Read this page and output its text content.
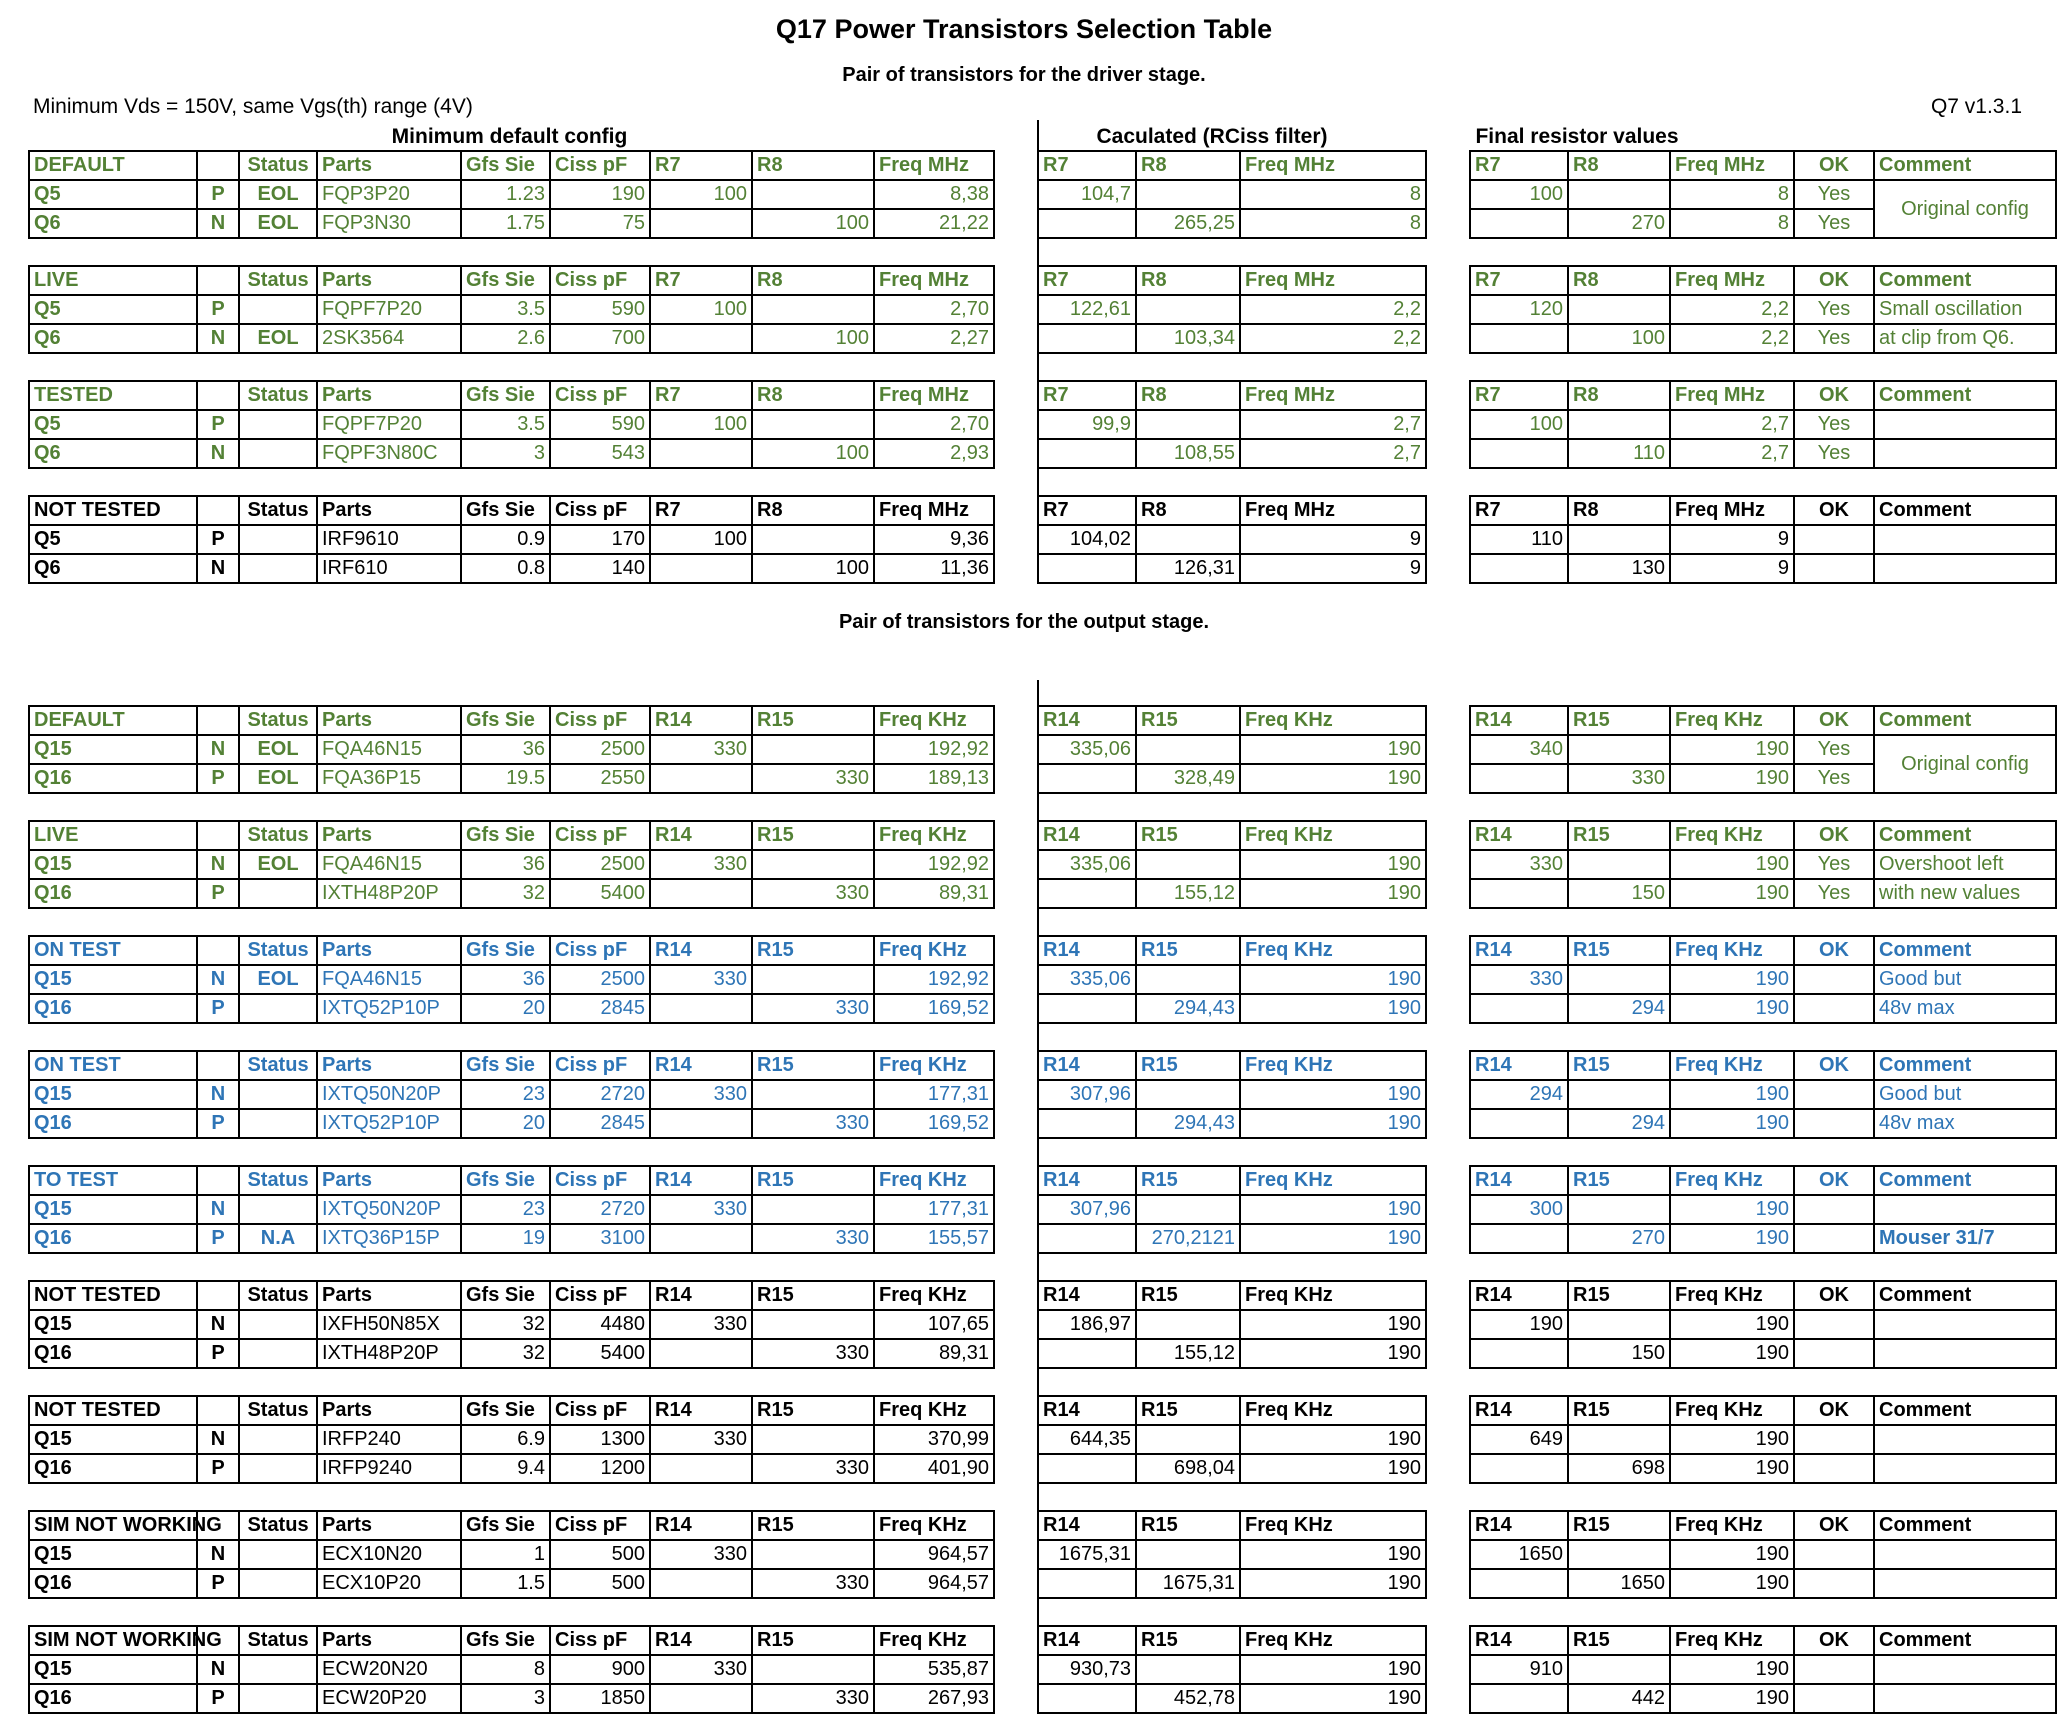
Q17 Power Transistors Selection Table
Pair of transistors for the driver stage.
Minimum Vds = 150V, same Vgs(th) range (4V)	Q7 v1.3.1
Pair of transistors for the output stage.
Minimum default config	Caculated (RCiss filter)	Final resistor values
DEFAULT		Status	Parts	Gfs Sie	Ciss pF	R7	R8	Freq MHz		R7	R8	Freq MHz		R7	R8	Freq MHz	OK	Comment
Q5	P	EOL	FQP3P20	1.23	190	100		8,38		104,7		8		100		8	Yes	Original config
Q6	N	EOL	FQP3N30	1.75	75		100	21,22			265,25	8			270	8	Yes	
LIVE		Status	Parts	Gfs Sie	Ciss pF	R7	R8	Freq MHz		R7	R8	Freq MHz		R7	R8	Freq MHz	OK	Comment
Q5	P		FQPF7P20	3.5	590	100		2,70		122,61		2,2		120		2,2	Yes	Small oscillation
Q6	N	EOL	2SK3564	2.6	700		100	2,27			103,34	2,2			100	2,2	Yes	at clip from Q6.
TESTED		Status	Parts	Gfs Sie	Ciss pF	R7	R8	Freq MHz		R7	R8	Freq MHz		R7	R8	Freq MHz	OK	Comment
Q5	P		FQPF7P20	3.5	590	100		2,70		99,9		2,7		100		2,7	Yes	
Q6	N		FQPF3N80C	3	543		100	2,93			108,55	2,7			110	2,7	Yes	
NOT TESTED		Status	Parts	Gfs Sie	Ciss pF	R7	R8	Freq MHz		R7	R8	Freq MHz		R7	R8	Freq MHz	OK	Comment
Q5	P		IRF9610	0.9	170	100		9,36		104,02		9		110		9		
Q6	N		IRF610	0.8	140		100	11,36			126,31	9			130	9		
DEFAULT		Status	Parts	Gfs Sie	Ciss pF	R14	R15	Freq KHz		R14	R15	Freq KHz		R14	R15	Freq KHz	OK	Comment
Q15	N	EOL	FQA46N15	36	2500	330		192,92		335,06		190		340		190	Yes	Original config
Q16	P	EOL	FQA36P15	19.5	2550		330	189,13			328,49	190			330	190	Yes	
LIVE		Status	Parts	Gfs Sie	Ciss pF	R14	R15	Freq KHz		R14	R15	Freq KHz		R14	R15	Freq KHz	OK	Comment
Q15	N	EOL	FQA46N15	36	2500	330		192,92		335,06		190		330		190	Yes	Overshoot left
Q16	P		IXTH48P20P	32	5400		330	89,31			155,12	190			150	190	Yes	with new values
ON TEST		Status	Parts	Gfs Sie	Ciss pF	R14	R15	Freq KHz		R14	R15	Freq KHz		R14	R15	Freq KHz	OK	Comment
Q15	N	EOL	FQA46N15	36	2500	330		192,92		335,06		190		330		190		Good but
Q16	P		IXTQ52P10P	20	2845		330	169,52			294,43	190			294	190		48v max
ON TEST		Status	Parts	Gfs Sie	Ciss pF	R14	R15	Freq KHz		R14	R15	Freq KHz		R14	R15	Freq KHz	OK	Comment
Q15	N		IXTQ50N20P	23	2720	330		177,31		307,96		190		294		190		Good but
Q16	P		IXTQ52P10P	20	2845		330	169,52			294,43	190			294	190		48v max
TO TEST		Status	Parts	Gfs Sie	Ciss pF	R14	R15	Freq KHz		R14	R15	Freq KHz		R14	R15	Freq KHz	OK	Comment
Q15	N		IXTQ50N20P	23	2720	330		177,31		307,96		190		300		190		
Q16	P	N.A	IXTQ36P15P	19	3100		330	155,57			270,2121	190			270	190		Mouser 31/7
NOT TESTED		Status	Parts	Gfs Sie	Ciss pF	R14	R15	Freq KHz		R14	R15	Freq KHz		R14	R15	Freq KHz	OK	Comment
Q15	N		IXFH50N85X	32	4480	330		107,65		186,97		190		190		190		
Q16	P		IXTH48P20P	32	5400		330	89,31			155,12	190			150	190		
NOT TESTED		Status	Parts	Gfs Sie	Ciss pF	R14	R15	Freq KHz		R14	R15	Freq KHz		R14	R15	Freq KHz	OK	Comment
Q15	N		IRFP240	6.9	1300	330		370,99		644,35		190		649		190		
Q16	P		IRFP9240	9.4	1200		330	401,90			698,04	190			698	190		
SIM NOT WORKING		Status	Parts	Gfs Sie	Ciss pF	R14	R15	Freq KHz		R14	R15	Freq KHz		R14	R15	Freq KHz	OK	Comment
Q15	N		ECX10N20	1	500	330		964,57		1675,31		190		1650		190		
Q16	P		ECX10P20	1.5	500		330	964,57			1675,31	190			1650	190		
SIM NOT WORKING		Status	Parts	Gfs Sie	Ciss pF	R14	R15	Freq KHz		R14	R15	Freq KHz		R14	R15	Freq KHz	OK	Comment
Q15	N		ECW20N20	8	900	330		535,87		930,73		190		910		190		
Q16	P		ECW20P20	3	1850		330	267,93			452,78	190			442	190		
